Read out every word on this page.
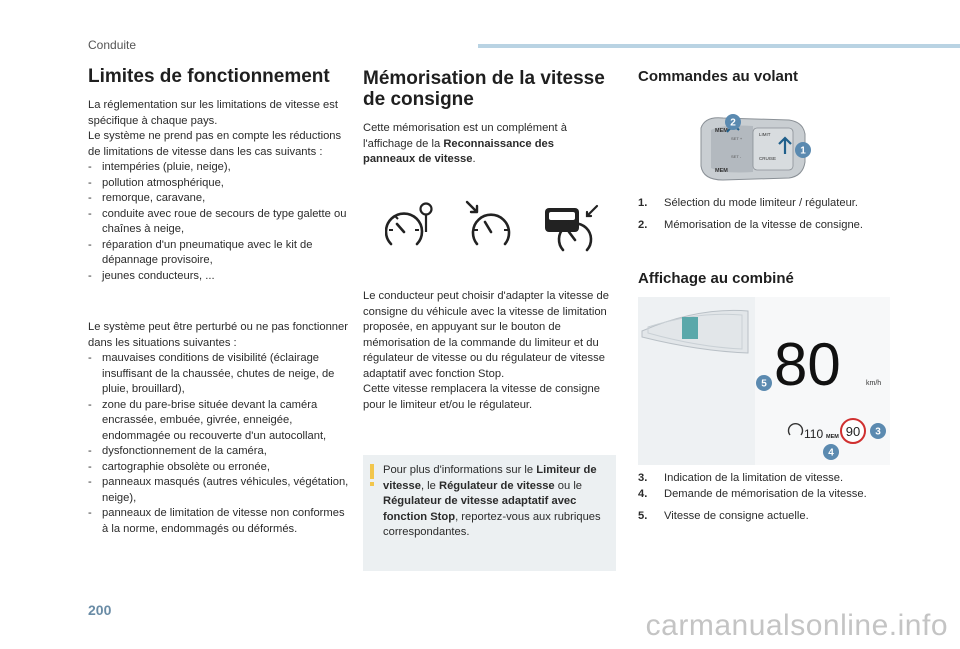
Conduite
Limites de fonctionnement
La réglementation sur les limitations de vitesse est spécifique à chaque pays.
Le système ne prend pas en compte les réductions de limitations de vitesse dans les cas suivants :
- intempéries (pluie, neige),
- pollution atmosphérique,
- remorque, caravane,
- conduite avec roue de secours de type galette ou chaînes à neige,
- réparation d'un pneumatique avec le kit de dépannage provisoire,
- jeunes conducteurs, ...
Le système peut être perturbé ou ne pas fonctionner dans les situations suivantes :
- mauvaises conditions de visibilité (éclairage insuffisant de la chaussée, chutes de neige, de pluie, brouillard),
- zone du pare-brise située devant la caméra encrassée, embuée, givrée, enneigée, endommagée ou recouverte d'un autocollant,
- dysfonctionnement de la caméra,
- cartographie obsolète ou erronée,
- panneaux masqués (autres véhicules, végétation, neige),
- panneaux de limitation de vitesse non conformes à la norme, endommagés ou déformés.
Mémorisation de la vitesse de consigne
Cette mémorisation est un complément à l'affichage de la Reconnaissance des panneaux de vitesse.
Le conducteur peut choisir d'adapter la vitesse de consigne du véhicule avec la vitesse de limitation proposée, en appuyant sur le bouton de mémorisation de la commande du limiteur et du régulateur de vitesse ou du régulateur de vitesse adaptatif avec fonction Stop.
Cette vitesse remplacera la vitesse de consigne pour le limiteur et/ou le régulateur.
Pour plus d'informations sur le Limiteur de vitesse, le Régulateur de vitesse ou le Régulateur de vitesse adaptatif avec fonction Stop, reportez-vous aux rubriques correspondantes.
Commandes au volant
MEM
LIMIT
CRUISE
SET +
SET -
MEM
2
1
1. Sélection du mode limiteur / régulateur.
2. Mémorisation de la vitesse de consigne.
Affichage au combiné
80	km/h
110 MEM 90 3
4
5
3. Indication de la limitation de vitesse.
4. Demande de mémorisation de la vitesse.
5. Vitesse de consigne actuelle.
200	carmanualsonline.info
